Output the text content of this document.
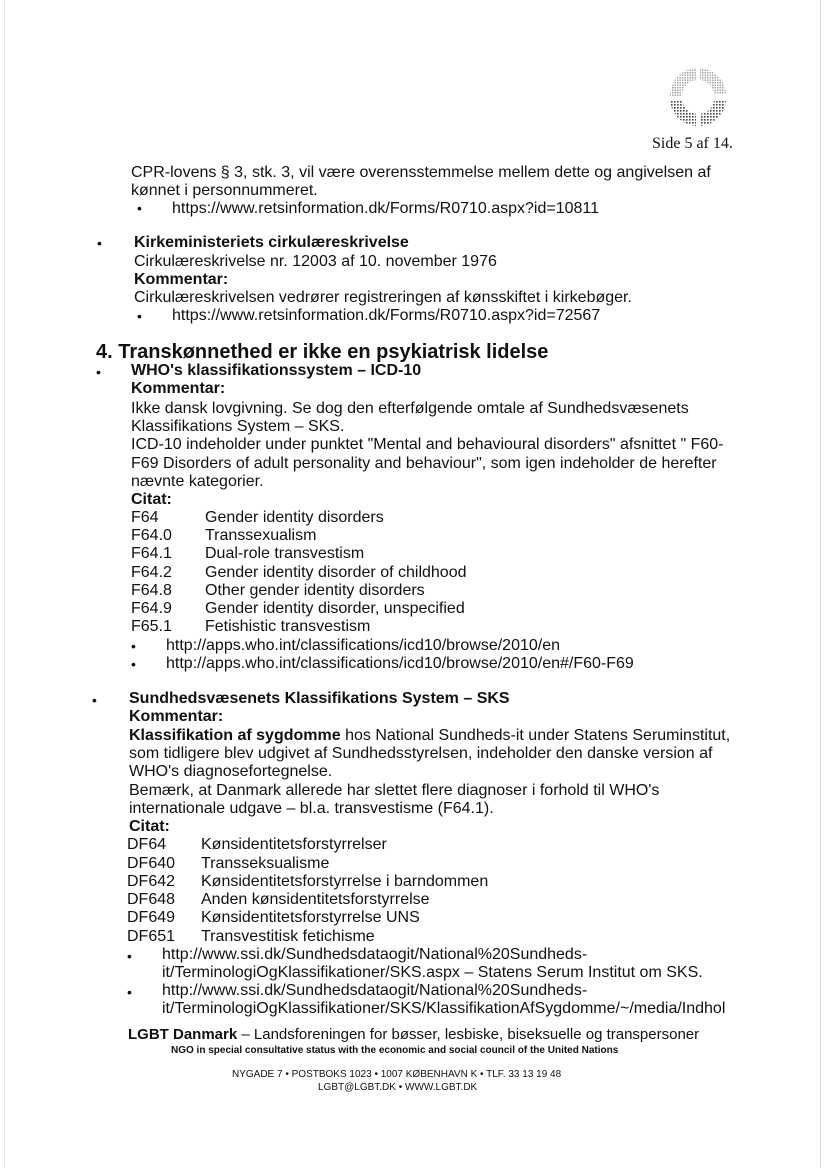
Side 5 af 14.
CPR-lovens § 3, stk. 3, vil være overensstemmelse mellem dette og angivelsen af
kønnet i personnummeret.
• https://www.retsinformation.dk/Forms/R0710.aspx?id=10811
• Kirkeministeriets cirkulæreskrivelse
Cirkulæreskrivelse nr. 12003 af 10. november 1976
Kommentar:
Cirkulæreskrivelsen vedrører registreringen af kønsskiftet i kirkebøger.
• https://www.retsinformation.dk/Forms/R0710.aspx?id=72567
4. Transkønnethed er ikke en psykiatrisk lidelse
• WHO's klassifikationssystem – ICD-10
Kommentar:
Ikke dansk lovgivning. Se dog den efterfølgende omtale af Sundhedsvæsenets
Klassifikations System – SKS.
ICD-10 indeholder under punktet "Mental and behavioural disorders" afsnittet " F60-
F69 Disorders of adult personality and behaviour", som igen indeholder de herefter
nævnte kategorier.
Citat:
F64	Gender identity disorders
F64.0 Transsexualism
F64.1 Dual-role transvestism
F64.2 Gender identity disorder of childhood
F64.8 Other gender identity disorders
F64.9 Gender identity disorder, unspecified
F65.1 Fetishistic transvestism
• http://apps.who.int/classifications/icd10/browse/2010/en
• http://apps.who.int/classifications/icd10/browse/2010/en#/F60-F69
• Sundhedsvæsenets Klassifikations System – SKS
Kommentar:
Klassifikation af sygdomme hos National Sundheds-it under Statens Seruminstitut,
som tidligere blev udgivet af Sundhedsstyrelsen, indeholder den danske version af
WHO's diagnosefortegnelse.
Bemærk, at Danmark allerede har slettet flere diagnoser i forhold til WHO's
internationale udgave – bl.a. transvestisme (F64.1).
Citat:
DF64 Kønsidentitetsforstyrrelser
DF640 Transseksualisme
DF642 Kønsidentitetsforstyrrelse i barndommen
DF648 Anden kønsidentitetsforstyrrelse
DF649 Kønsidentitetsforstyrrelse UNS
DF651 Transvestitisk fetichisme
• http://www.ssi.dk/Sundhedsdataogit/National%20Sundheds-
it/TerminologiOgKlassifikationer/SKS.aspx – Statens Serum Institut om SKS.
• http://www.ssi.dk/Sundhedsdataogit/National%20Sundheds-
it/TerminologiOgKlassifikationer/SKS/KlassifikationAfSygdomme/~/media/Indhol
LGBT Danmark – Landsforeningen for bøsser, lesbiske, biseksuelle og transpersoner
NGO in special consultative status with the economic and social council of the United Nations
NYGADE 7 • POSTBOKS 1023 • 1007 KØBENHAVN K • TLF. 33 13 19 48
LGBT@LGBT.DK • WWW.LGBT.DK
